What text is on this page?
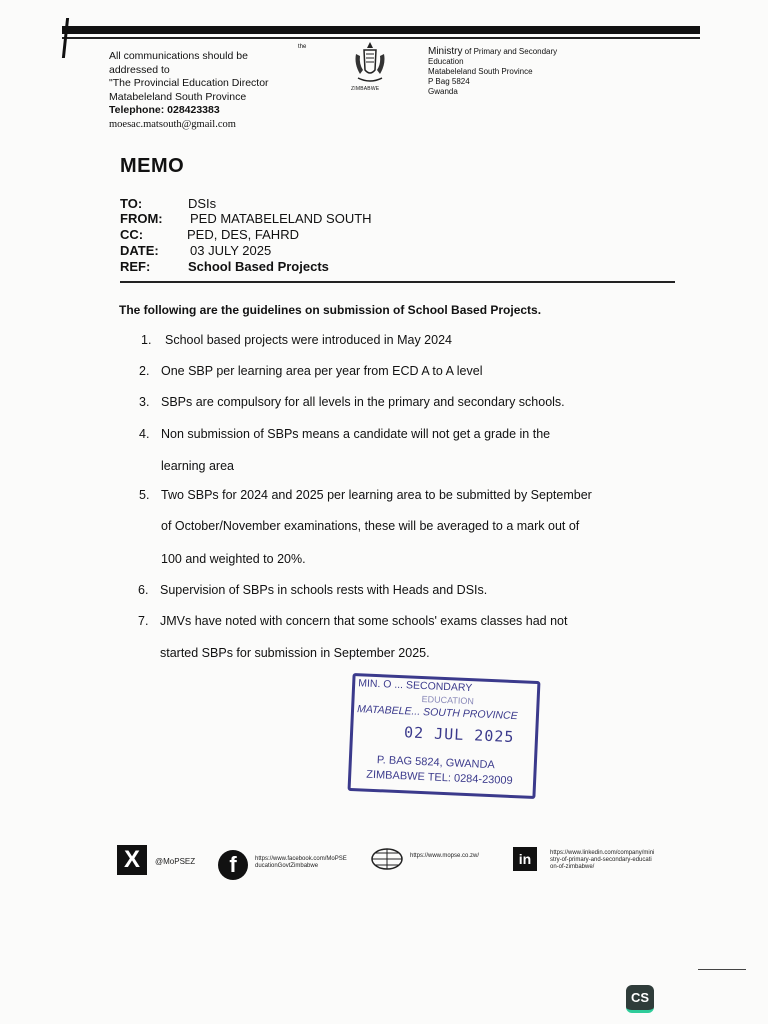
All communications should be
addressed to
"The Provincial Education Director
Matabeleland South Province
Telephone: 028423383
moesac.matsouth@gmail.com
the
ZIMBABWE
Ministry of Primary and Secondary
Education
Matabeleland South Province
P Bag 5824
Gwanda
MEMO
TO:	DSIs
FROM:	PED MATABELELAND SOUTH
CC:	PED, DES, FAHRD
DATE:	03 JULY 2025
REF:	School Based Projects
The following are the guidelines on submission of School Based Projects.
1. School based projects were introduced in May 2024
2. One SBP per learning area per year from ECD A to A level
3. SBPs are compulsory for all levels in the primary and secondary schools.
4. Non submission of SBPs means a candidate will not get a grade in the
learning area
5. Two SBPs for 2024 and 2025 per learning area to be submitted by September
of October/November examinations, these will be averaged to a mark out of
100 and weighted to 20%.
6. Supervision of SBPs in schools rests with Heads and DSIs.
7. JMVs have noted with concern that some schools' exams classes had not
started SBPs for submission in September 2025.
MIN. O ... SECONDARY
EDUCATION
MATABELE... SOUTH PROVINCE
02 JUL 2025
P. BAG 5824, GWANDA
ZIMBABWE TEL: 0284-23009
X	@MoPSEZ	f	https://www.facebook.com/MoPSEducationGovtZimbabwe
https://www.mopse.co.zw/	in	https://www.linkedin.com/company/ministry-of-primary-and-secondary-education-of-zimbabwe/
CS
